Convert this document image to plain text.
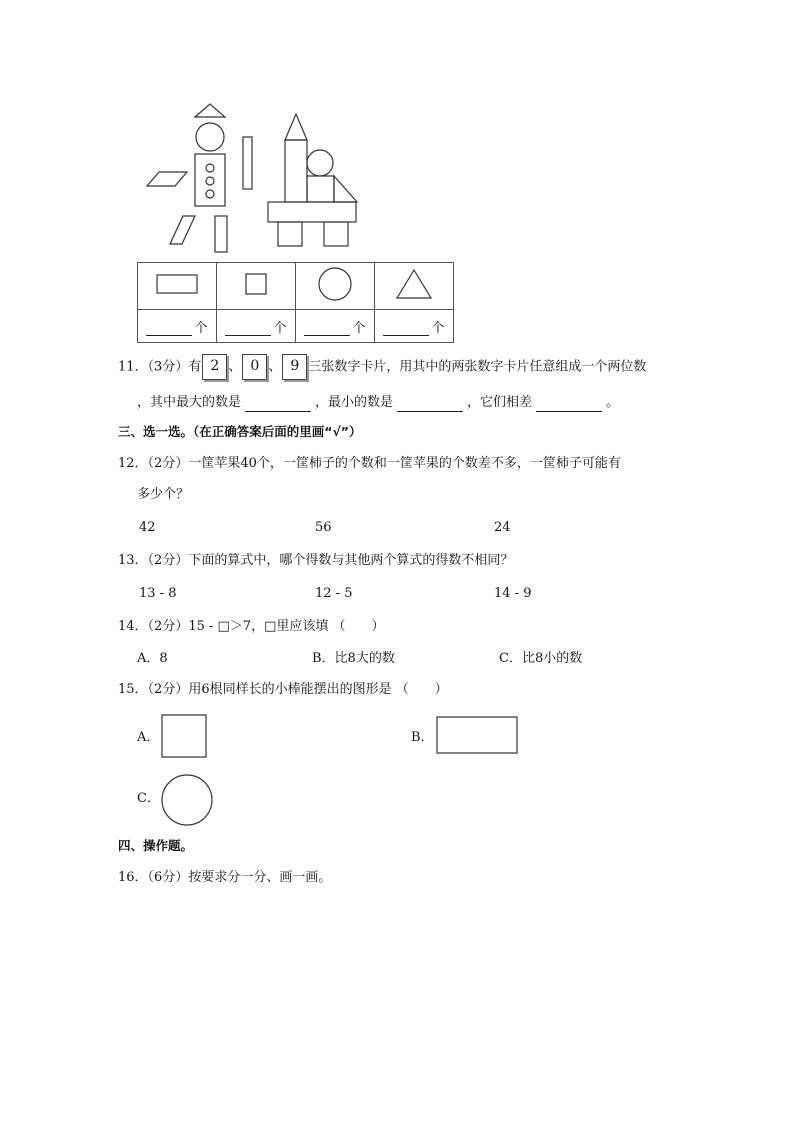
个	个	个	个
11．（3分）有 2 、 0 、 9 三张数字卡片，用其中的两张数字卡片任意组成一个两位数
，其中最大的数是	，最小的数是	，它们相差	。
三、选一选。（在正确答案后面的里画“√”）
12．（2分）一筐苹果40个，一筐柿子的个数和一筐苹果的个数差不多，一筐柿子可能有
多少个？
42	56	24
13．（2分）下面的算式中，哪个得数与其他两个算式的得数不相同？
13 - 8	12 - 5	14 - 9
14．（2分）15 - □＞7，□里应该填 （　　）
A．8	B．比8大的数	C．比8小的数
15．（2分）用6根同样长的小棒能摆出的图形是 （　　）
A．	B．
C．
四、操作题。
16．（6分）按要求分一分、画一画。
